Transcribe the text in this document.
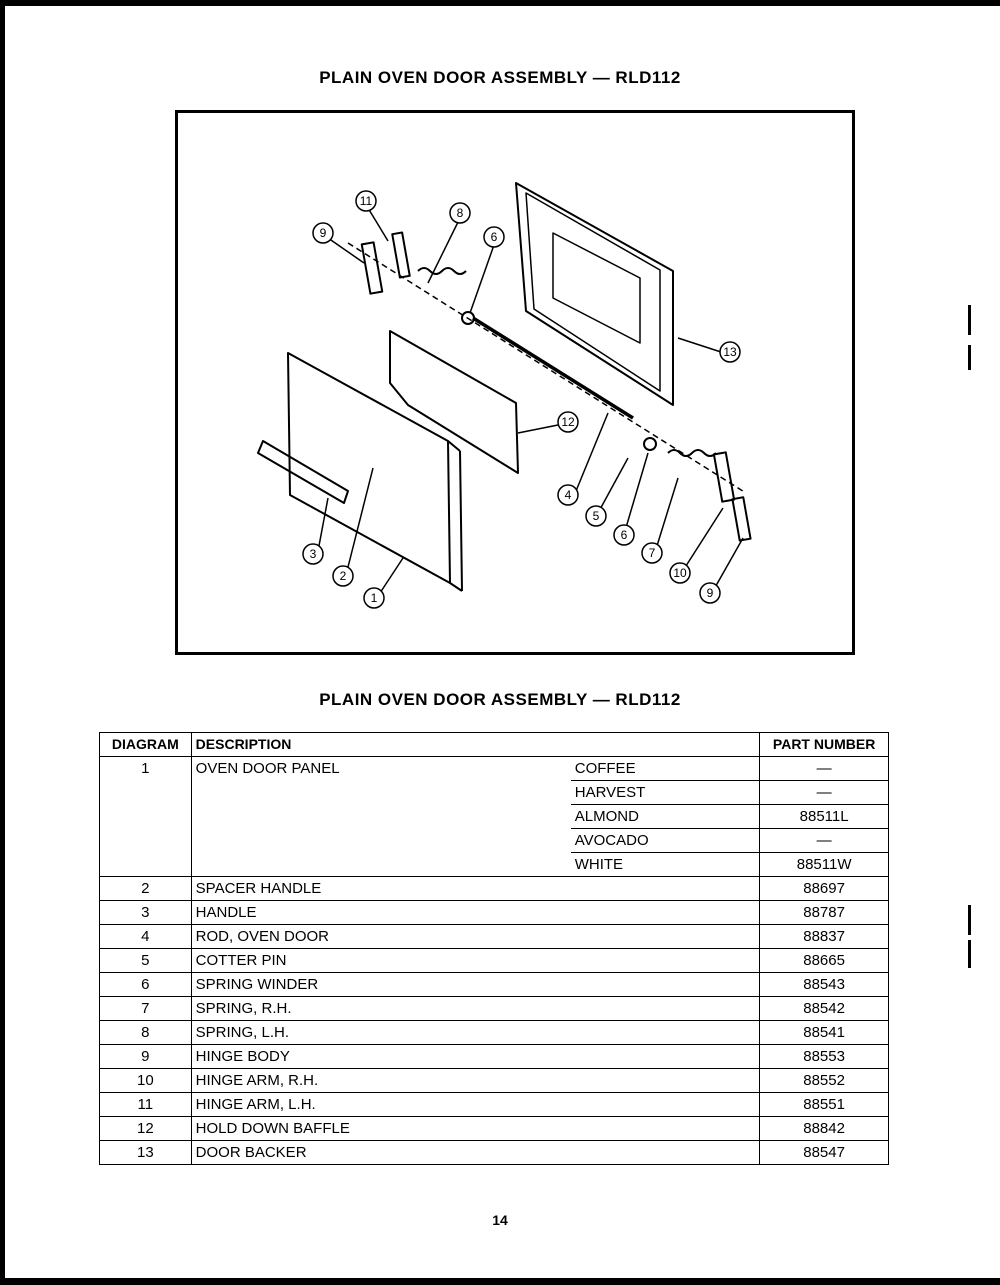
PLAIN OVEN DOOR ASSEMBLY — RLD112
11
8
6
9
13
12
4
5
6
7
10
9
3
2
1
PLAIN OVEN DOOR ASSEMBLY — RLD112
DIAGRAM	DESCRIPTION		PART NUMBER
1	OVEN DOOR PANEL	COFFEE	—
		HARVEST	—
		ALMOND	88511L
		AVOCADO	—
		WHITE	88511W
2	SPACER HANDLE		88697
3	HANDLE		88787
4	ROD, OVEN DOOR		88837
5	COTTER PIN		88665
6	SPRING WINDER		88543
7	SPRING, R.H.		88542
8	SPRING, L.H.		88541
9	HINGE BODY		88553
10	HINGE ARM, R.H.		88552
11	HINGE ARM, L.H.		88551
12	HOLD DOWN BAFFLE		88842
13	DOOR BACKER		88547
14
